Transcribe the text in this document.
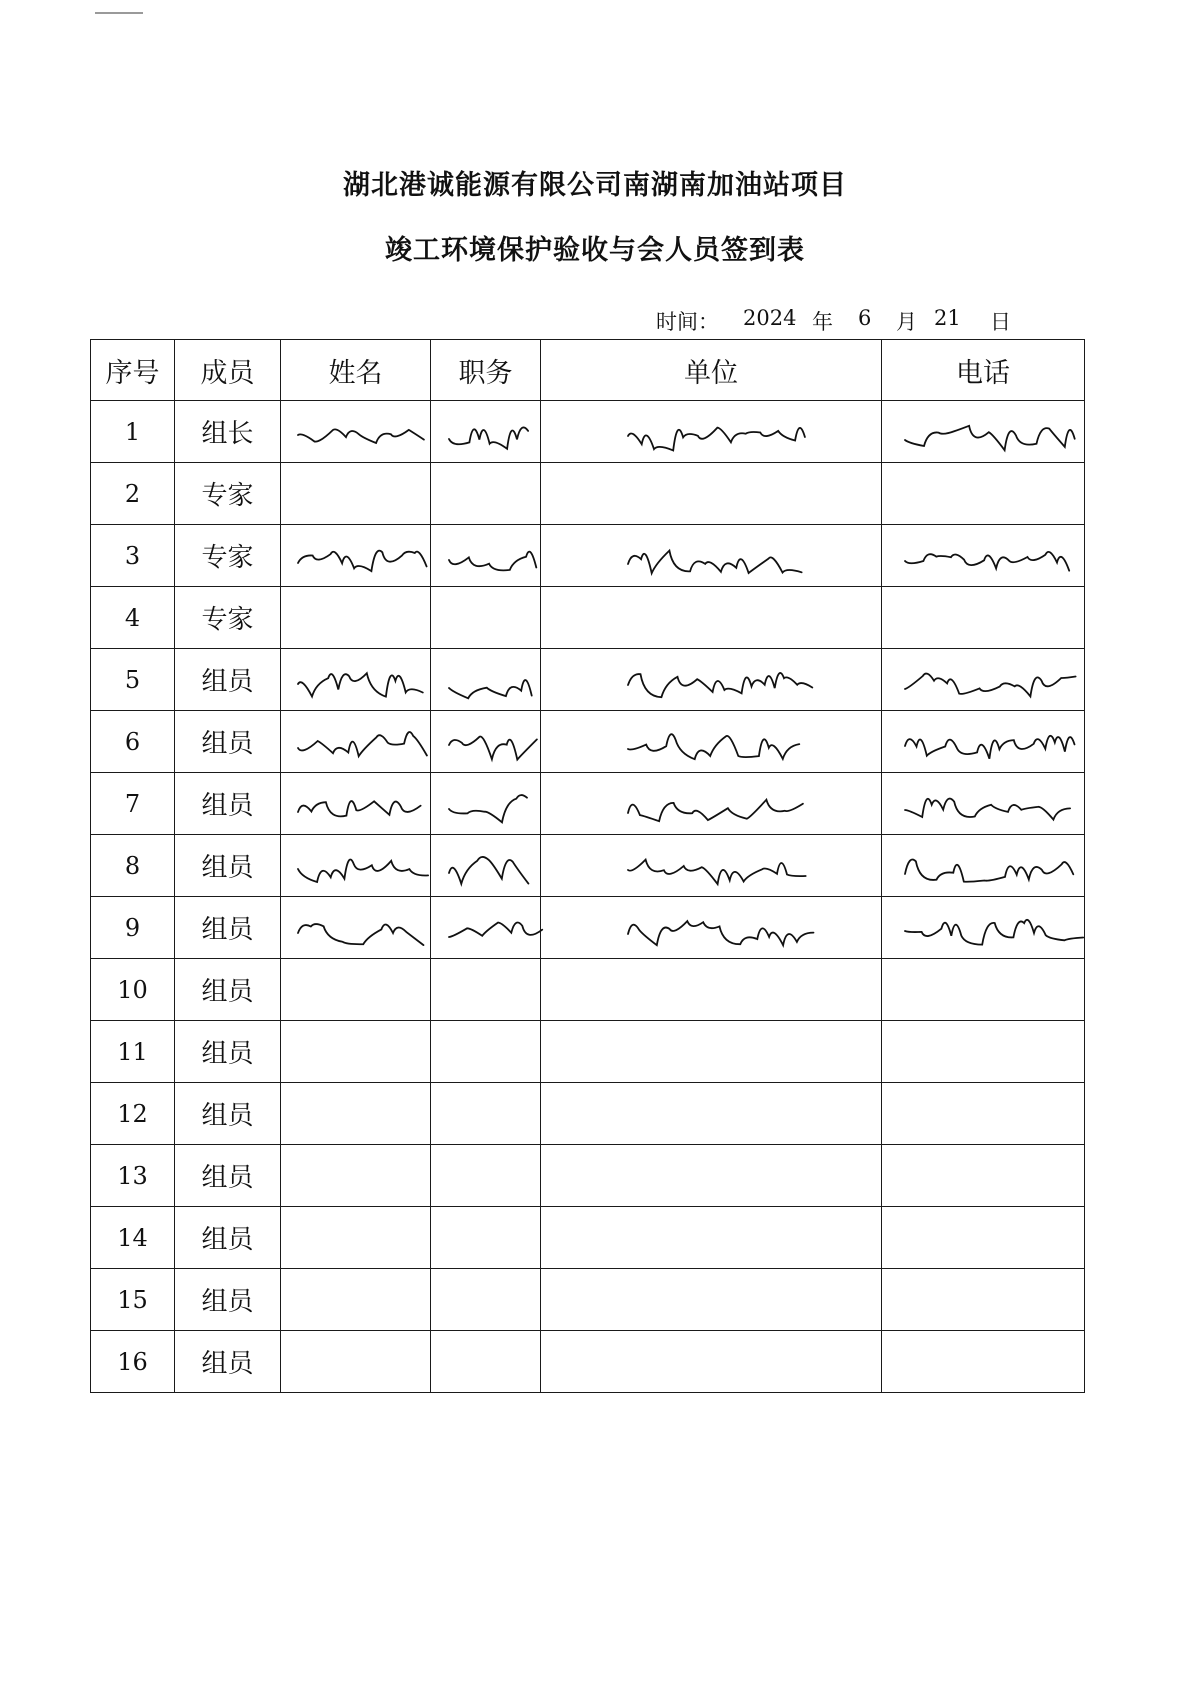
湖北港诚能源有限公司南湖南加油站项目
竣工环境保护验收与会人员签到表
时间： 2024 年 6 月 21 日
序号	成员	姓名	职务	单位	电话
1	组长	

2	专家				
3	专家	

4	专家				
5	组员	

6	组员	

7	组员	

8	组员	

9	组员	

10	组员				
11	组员				
12	组员				
13	组员				
14	组员				
15	组员				
16	组员				
